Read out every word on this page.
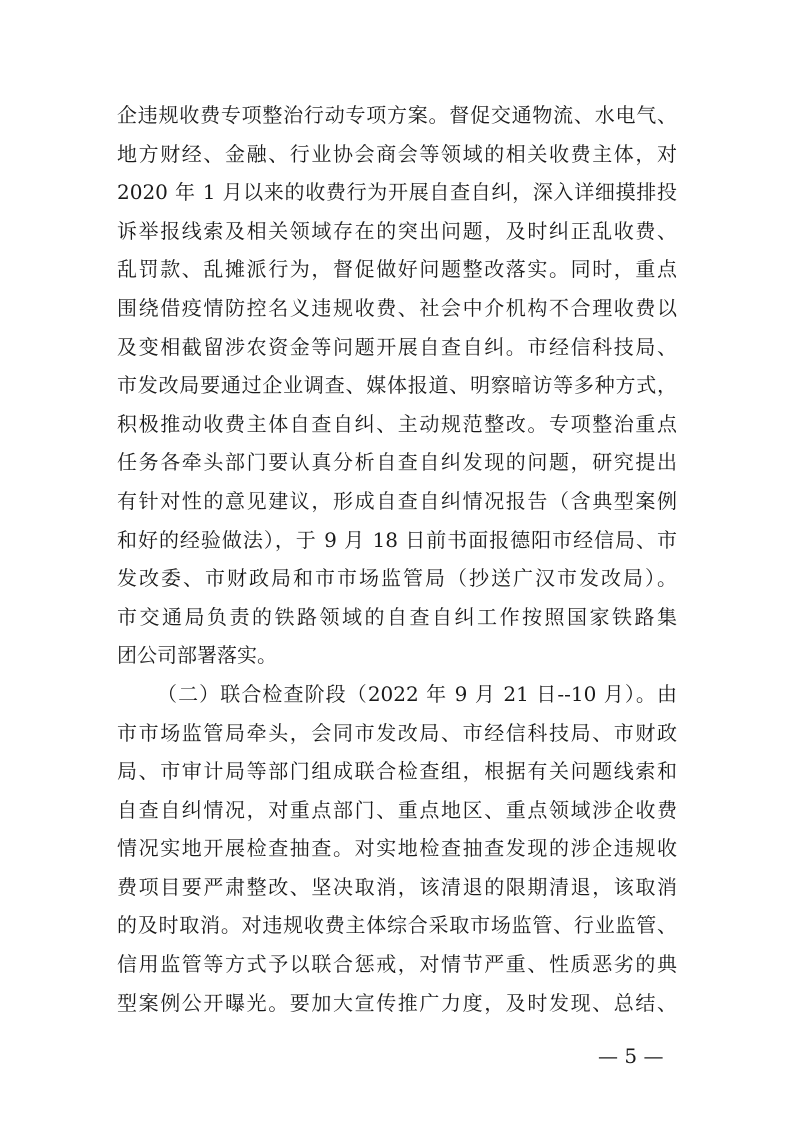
企违规收费专项整治行动专项方案。督促交通物流、水电气、
地方财经、金融、行业协会商会等领域的相关收费主体，对
2020 年 1 月以来的收费行为开展自查自纠，深入详细摸排投
诉举报线索及相关领域存在的突出问题，及时纠正乱收费、
乱罚款、乱摊派行为，督促做好问题整改落实。同时，重点
围绕借疫情防控名义违规收费、社会中介机构不合理收费以
及变相截留涉农资金等问题开展自查自纠。市经信科技局、
市发改局要通过企业调查、媒体报道、明察暗访等多种方式，
积极推动收费主体自查自纠、主动规范整改。专项整治重点
任务各牵头部门要认真分析自查自纠发现的问题，研究提出
有针对性的意见建议，形成自查自纠情况报告（含典型案例
和好的经验做法），于 9 月 18 日前书面报德阳市经信局、市
发改委、市财政局和市市场监管局（抄送广汉市发改局）。
市交通局负责的铁路领域的自查自纠工作按照国家铁路集
团公司部署落实。
（二）联合检查阶段（2022 年 9 月 21 日--10 月）。由
市市场监管局牵头，会同市发改局、市经信科技局、市财政
局、市审计局等部门组成联合检查组，根据有关问题线索和
自查自纠情况，对重点部门、重点地区、重点领域涉企收费
情况实地开展检查抽查。对实地检查抽查发现的涉企违规收
费项目要严肃整改、坚决取消，该清退的限期清退，该取消
的及时取消。对违规收费主体综合采取市场监管、行业监管、
信用监管等方式予以联合惩戒，对情节严重、性质恶劣的典
型案例公开曝光。要加大宣传推广力度，及时发现、总结、
— 5 —
